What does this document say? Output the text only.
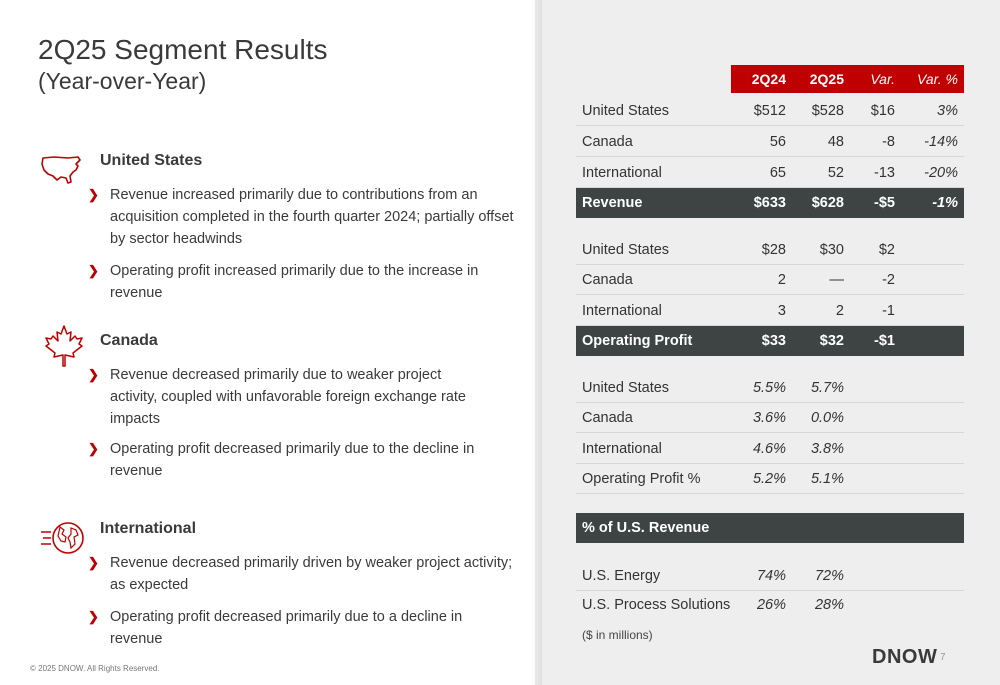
2Q25 Segment Results
(Year-over-Year)
United States
❯ Revenue increased primarily due to contributions from an acquisition completed in the fourth quarter 2024; partially offset by sector headwinds
❯ Operating profit increased primarily due to the increase in revenue
Canada
❯ Revenue decreased primarily due to weaker project activity, coupled with unfavorable foreign exchange rate impacts
❯ Operating profit decreased primarily due to the decline in revenue
International
❯ Revenue decreased primarily driven by weaker project activity; as expected
❯ Operating profit decreased primarily due to a decline in revenue
© 2025 DNOW. All Rights Reserved.
2Q24 2Q25 Var. Var. %
United States	$512 $528 $16	3%
Canada	56	48	-8 -14%
International	65	52 -13 -20%
Revenue	$633 $628 -$5	-1%
United States	$28 $30 $2
Canada	2	—	-2
International	3	2	-1
Operating Profit	$33 $32 -$1
United States	5.5% 5.7%
Canada	3.6% 0.0%
International	4.6% 3.8%
Operating Profit %	5.2% 5.1%
% of U.S. Revenue
U.S. Energy	74% 72%
U.S. Process Solutions 26% 28%
($ in millions)
DNOW 7
